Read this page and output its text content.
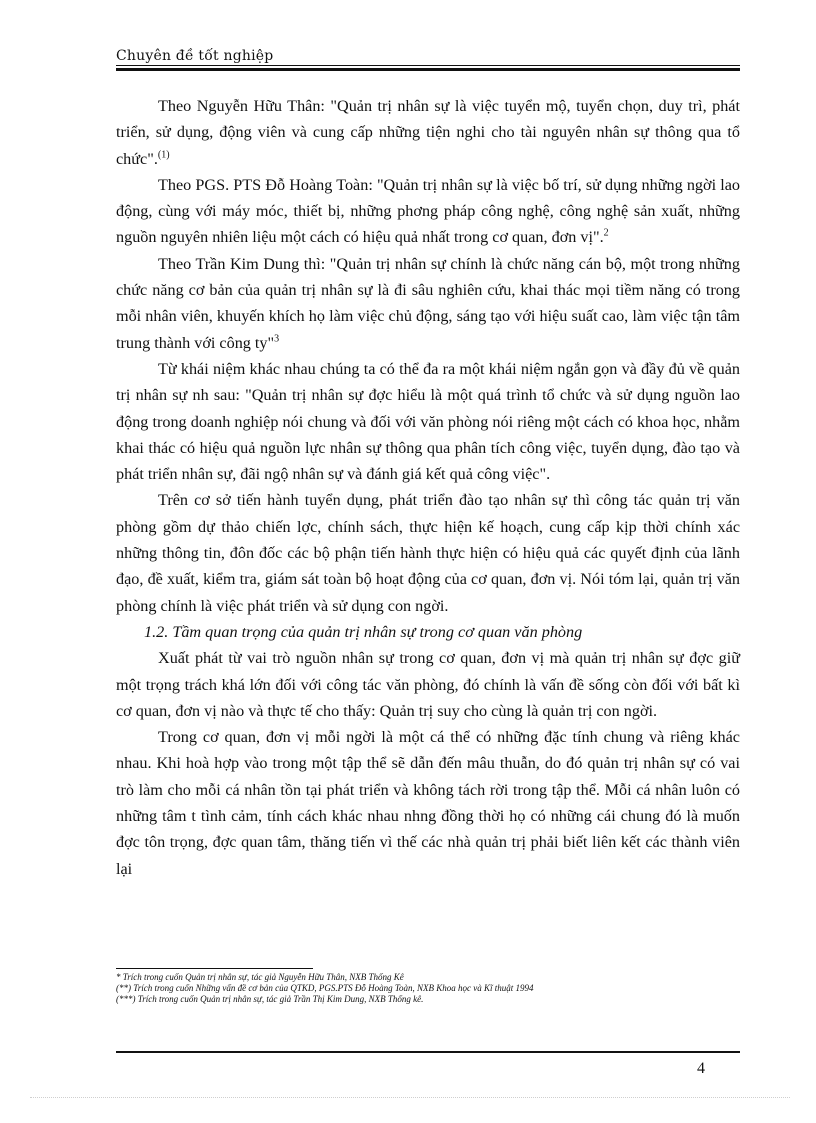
Chuyên đề tốt nghiệp

Theo Nguyễn Hữu Thân: "Quản trị nhân sự là việc tuyển mộ, tuyển chọn, duy trì, phát triển, sử dụng, động viên và cung cấp những tiện nghi cho tài nguyên nhân sự thông qua tổ chức".$^{(1)}$

Theo PGS. PTS Đỗ Hoàng Toàn: "Quản trị nhân sự là việc bố trí, sử dụng những ngời lao động, cùng với máy móc, thiết bị, những phơng pháp công nghệ, công nghệ sản xuất, những nguồn nguyên nhiên liệu một cách có hiệu quả nhất trong cơ quan, đơn vị".$^2$

Theo Trần Kim Dung thì: "Quản trị nhân sự chính là chức năng cán bộ, một trong những chức năng cơ bản của quản trị nhân sự là đi sâu nghiên cứu, khai thác mọi tiềm năng có trong mỗi nhân viên, khuyến khích họ làm việc chủ động, sáng tạo với hiệu suất cao, làm việc tận tâm trung thành với công ty"$^3$

Từ khái niệm khác nhau chúng ta có thể đa ra một khái niệm ngắn gọn và đầy đủ về quản trị nhân sự nh sau: "Quản trị nhân sự đợc hiểu là một quá trình tổ chức và sử dụng nguồn lao động trong doanh nghiệp nói chung và đối với văn phòng nói riêng một cách có khoa học, nhằm khai thác có hiệu quả nguồn lực nhân sự thông qua phân tích công việc, tuyển dụng, đào tạo và phát triển nhân sự, đãi ngộ nhân sự và đánh giá kết quả công việc".

Trên cơ sở tiến hành tuyển dụng, phát triển đào tạo nhân sự thì công tác quản trị văn phòng gồm dự thảo chiến lợc, chính sách, thực hiện kế hoạch, cung cấp kịp thời chính xác những thông tin, đôn đốc các bộ phận tiến hành thực hiện có hiệu quả các quyết định của lãnh đạo, đề xuất, kiểm tra, giám sát toàn bộ hoạt động của cơ quan, đơn vị. Nói tóm lại, quản trị văn phòng chính là việc phát triển và sử dụng con ngời.

1.2. Tầm quan trọng của quản trị nhân sự trong cơ quan văn phòng

Xuất phát từ vai trò nguồn nhân sự trong cơ quan, đơn vị mà quản trị nhân sự đợc giữ một trọng trách khá lớn đối với công tác văn phòng, đó chính là vấn đề sống còn đối với bất kì cơ quan, đơn vị nào và thực tế cho thấy: Quản trị suy cho cùng là quản trị con ngời.

Trong cơ quan, đơn vị mỗi ngời là một cá thể có những đặc tính chung và riêng khác nhau. Khi hoà hợp vào trong một tập thể sẽ dẫn đến mâu thuẫn, do đó quản trị nhân sự có vai trò làm cho mỗi cá nhân tồn tại phát triển và không tách rời trong tập thể. Mỗi cá nhân luôn có những tâm t tình cảm, tính cách khác nhau nhng đồng thời họ có những cái chung đó là muốn đợc tôn trọng, đợc quan tâm, thăng tiến vì thế các nhà quản trị phải biết liên kết các thành viên lại

* Trích trong cuốn Quản trị nhân sự, tác giả Nguyễn Hữu Thân, NXB Thống Kê
(**) Trích trong cuốn Những vấn đề cơ bản của QTKD, PGS.PTS Đỗ Hoàng Toàn, NXB Khoa học và Kĩ thuật 1994
(***) Trích trong cuốn Quản trị nhân sự, tác giả Trần Thị Kim Dung, NXB Thống kê.
4
